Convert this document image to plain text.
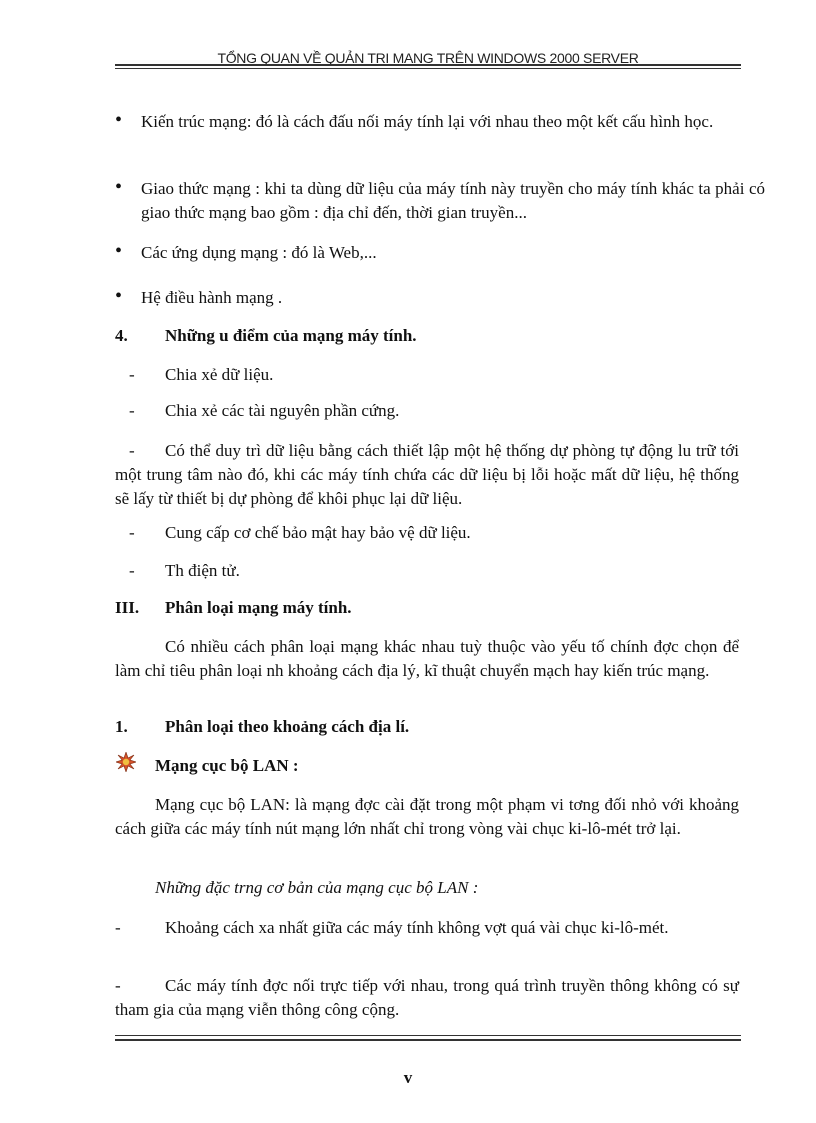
TỔNG QUAN VỀ QUẢN TRỊ MẠNG TRÊN WINDOWS 2000 SERVER
• Kiến trúc mạng: đó là cách đấu nối máy tính lại với nhau theo một kết cấu hình học.
• Giao thức mạng : khi ta dùng dữ liệu của máy tính này truyền cho máy tính khác ta phải có giao thức mạng bao gồm : địa chỉ đến, thời gian truyền...
• Các ứng dụng mạng : đó là Web,...
• Hệ điều hành mạng .
4. Những u điểm của mạng máy tính.
- Chia xẻ dữ liệu.
- Chia xẻ các tài nguyên phần cứng.
- Có thể duy trì dữ liệu bằng cách thiết lập một hệ thống dự phòng tự động lu trữ tới một trung tâm nào đó, khi các máy tính chứa các dữ liệu bị lỗi hoặc mất dữ liệu, hệ thống sẽ lấy từ thiết bị dự phòng để khôi phục lại dữ liệu.
- Cung cấp cơ chế bảo mật hay bảo vệ dữ liệu.
- Th điện tử.
III. Phân loại mạng máy tính.
Có nhiều cách phân loại mạng khác nhau tuỳ thuộc vào yếu tố chính đợc chọn để làm chỉ tiêu phân loại nh khoảng cách địa lý, kĩ thuật chuyển mạch hay kiến trúc mạng.
1. Phân loại theo khoảng cách địa lí.
Mạng cục bộ LAN :
Mạng cục bộ LAN: là mạng đợc cài đặt trong một phạm vi tơng đối nhỏ với khoảng cách giữa các máy tính nút mạng lớn nhất chỉ trong vòng vài chục ki-lô-mét trở lại.
Những đặc trng cơ bản của mạng cục bộ LAN :
-	Khoảng cách xa nhất giữa các máy tính không vợt quá vài chục ki-lô-mét.
-	Các máy tính đợc nối trực tiếp với nhau, trong quá trình truyền thông không có sự tham gia của mạng viễn thông công cộng.
v
